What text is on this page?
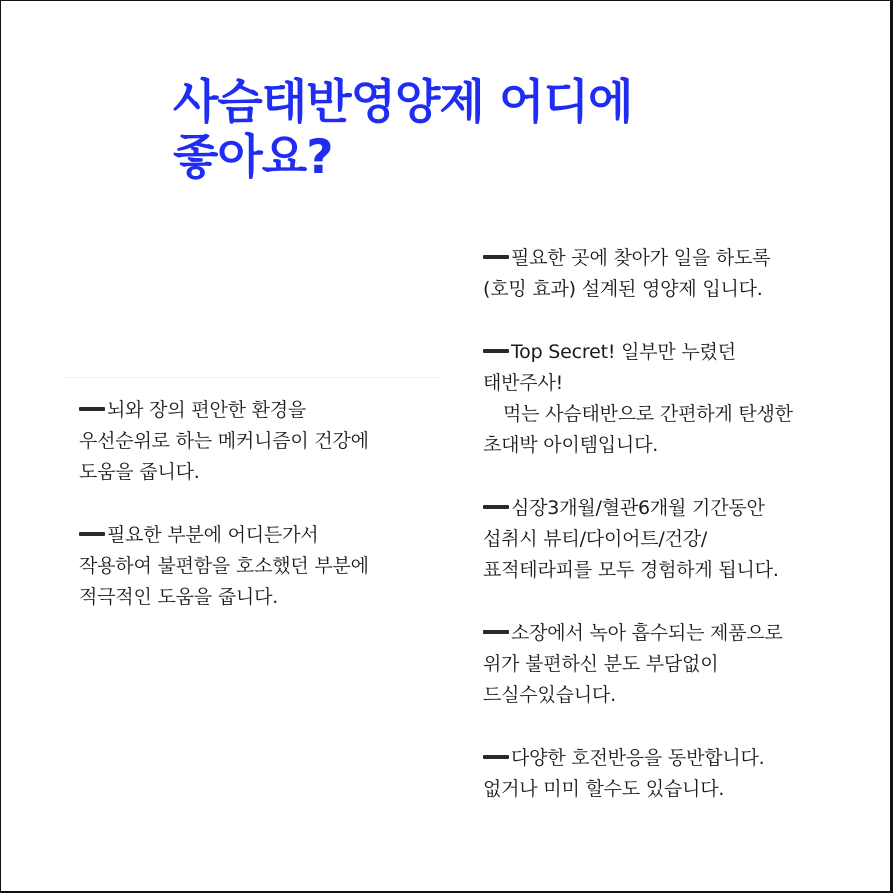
사슴태반영양제 어디에
좋아요?
뇌와 장의 편안한 환경을
우선순위로 하는 메커니즘이 건강에
도움을 줍니다.
필요한 부분에 어디든가서
작용하여 불편함을 호소했던 부분에
적극적인 도움을 줍니다.
필요한 곳에 찾아가 일을 하도록
(호밍 효과) 설계된 영양제 입니다.
Top Secret! 일부만 누렸던
태반주사!
먹는 사슴태반으로 간편하게 탄생한
초대박 아이템입니다.
심장3개월/혈관6개월 기간동안
섭취시 뷰티/다이어트/건강/
표적테라피를 모두 경험하게 됩니다.
소장에서 녹아 흡수되는 제품으로
위가 불편하신 분도 부담없이
드실수있습니다.
다양한 호전반응을 동반합니다.
없거나 미미 할수도 있습니다.
